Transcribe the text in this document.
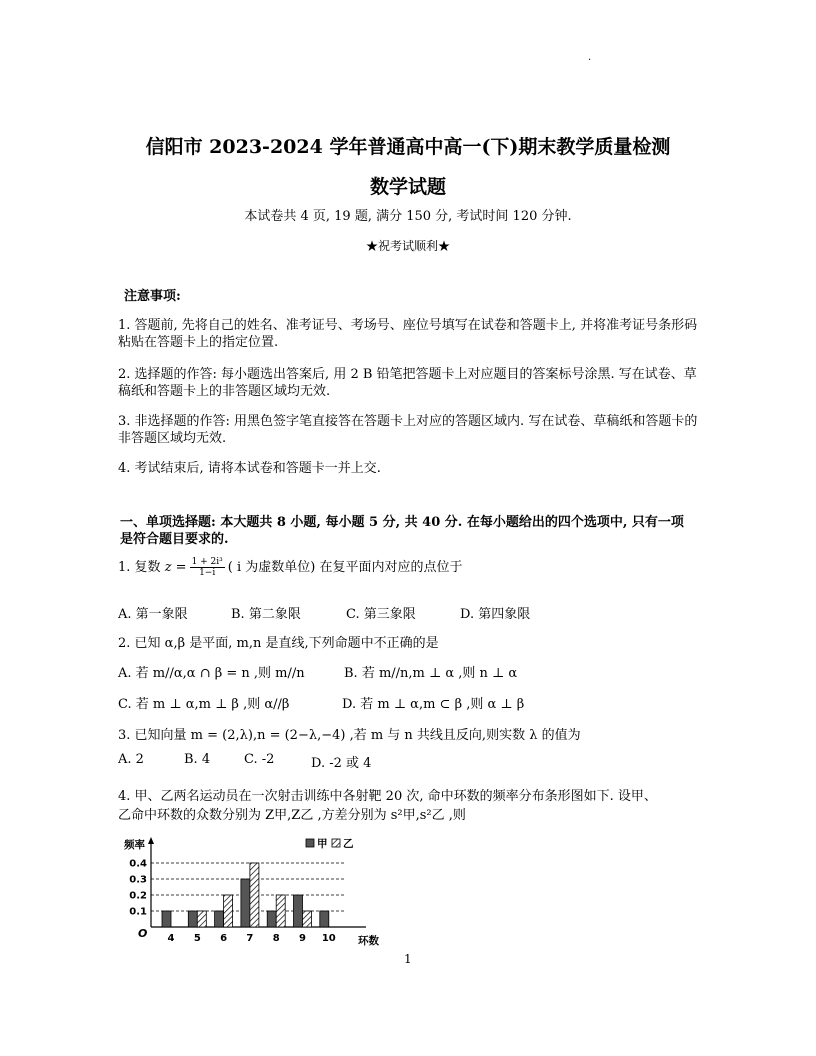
.
信阳市 2023-2024 学年普通高中高一(下)期末教学质量检测
数学试题
本试卷共 4 页, 19 题, 满分 150 分, 考试时间 120 分钟.
★祝考试顺利★
注意事项:
1. 答题前, 先将自己的姓名、准考证号、考场号、座位号填写在试卷和答题卡上, 并将准考证号条形码粘贴在答题卡上的指定位置.
2. 选择题的作答: 每小题选出答案后, 用 2 B 铅笔把答题卡上对应题目的答案标号涂黑. 写在试卷、草稿纸和答题卡上的非答题区域均无效.
3. 非选择题的作答: 用黑色签字笔直接答在答题卡上对应的答题区域内. 写在试卷、草稿纸和答题卡的非答题区域均无效.
4. 考试结束后, 请将本试卷和答题卡一并上交.
一、单项选择题: 本大题共 8 小题, 每小题 5 分, 共 40 分. 在每小题给出的四个选项中, 只有一项是符合题目要求的.
1. 复数 $z = \frac{\text{1 + 2i³}}{1-i}$ ( i 为虚数单位) 在复平面内对应的点位于
A. 第一象限	B. 第二象限	C. 第三象限	D. 第四象限
2. 已知 α,β 是平面, m,n 是直线,下列命题中不正确的是
A. 若 m//α,α ∩ β = n ,则 m//n	B. 若 m//n,m ⊥ α ,则 n ⊥ α
C. 若 m ⊥ α,m ⊥ β ,则 α//β	D. 若 m ⊥ α,m ⊂ β ,则 α ⊥ β
3. 已知向量 m = (2,λ),n = (2−λ,−4) ,若 m 与 n 共线且反向,则实数 λ 的值为
A. 2	B. 4	C. -2	D. -2 或 4
4. 甲、乙两名运动员在一次射击训练中各射靶 20 次, 命中环数的频率分布条形图如下. 设甲、
乙命中环数的众数分别为 Z甲,Z乙 ,方差分别为 s²甲,s²乙 ,则
0.1
0.2
0.3
0.4
频率
O
环数
4 5 6 7 8 9 10
甲 乙
1
